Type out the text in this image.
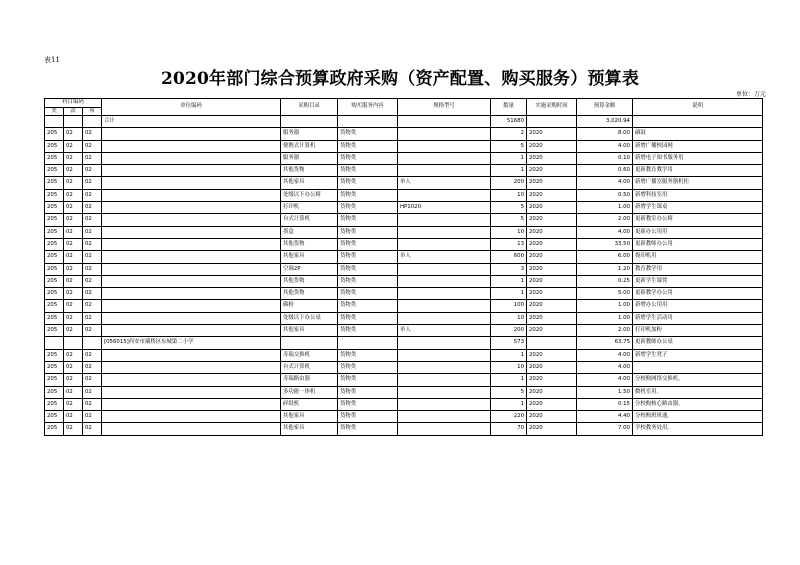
表11
2020年部门综合预算政府采购（资产配置、购买服务）预算表
单位：万元
科目编码			单位编码	采购目录	购买服务内容	规格型号	数量	实施采购时间	预算金额	说明
类	款	项								
			合计				51680		3,020.94	
205	02	02		服务器	货物类		2	2020	8.00	硒鼓
205	02	02		便携式计算机	货物类		5	2020	4.00	新增广播校园网
205	02	02		服务器	货物类		1	2020	0.10	新增电子图书服务用
205	02	02		其他货物	货物类		1	2020	0.60	更新教育教学用
205	02	02		其他家具	货物类	单人	200	2020	4.00	新增广播室服务器机柜
205	02	02		处级以下办公椅	货物类		10	2020	0.50	新增科技室用
205	02	02		打印机	货物类	HP1020	5	2020	1.00	新增学生课桌
205	02	02		台式计算机	货物类		5	2020	2.00	更新教室办公椅
205	02	02		墨盒	货物类		10	2020	4.00	更新办公用用
205	02	02		其他货物	货物类		13	2020	33.50	更新教师办公用
205	02	02		其他家具	货物类	单人	600	2020	6.00	復印机用
205	02	02		空调2P	货物类		3	2020	1.20	教育教学用
205	02	02		其他货物	货物类		1	2020	0.25	更新学生课凳
205	02	02		其他货物	货物类		1	2020	5.00	更新教学办公用
205	02	02		碳粉	货物类		100	2020	1.00	新增办公用用
205	02	02		处级以下办公桌	货物类		10	2020	1.00	新增学生活动用
205	02	02		其他家具	货物类	单人	200	2020	2.00	打印机加粉
			[056015]西安市灞桥区东城第二小学				573		63.75	更新教师办公桌
205	02	02		寿瑞交换机	货物类		1	2020	4.00	新增学生凳子
205	02	02		台式计算机	货物类		10	2020	4.00	
205	02	02		寿瑞路由器	货物类		1	2020	4.00	分校购网络交换机。
205	02	02		多功能一体机	货物类		5	2020	1.50	微机室用。
205	02	02		碎纸机	货物类		1	2020	0.15	分校购核心路由器。
205	02	02		其他家具	货物类		220	2020	4.40	分校购班班通。
205	02	02		其他家具	货物类		70	2020	7.00	学校教务处用。
